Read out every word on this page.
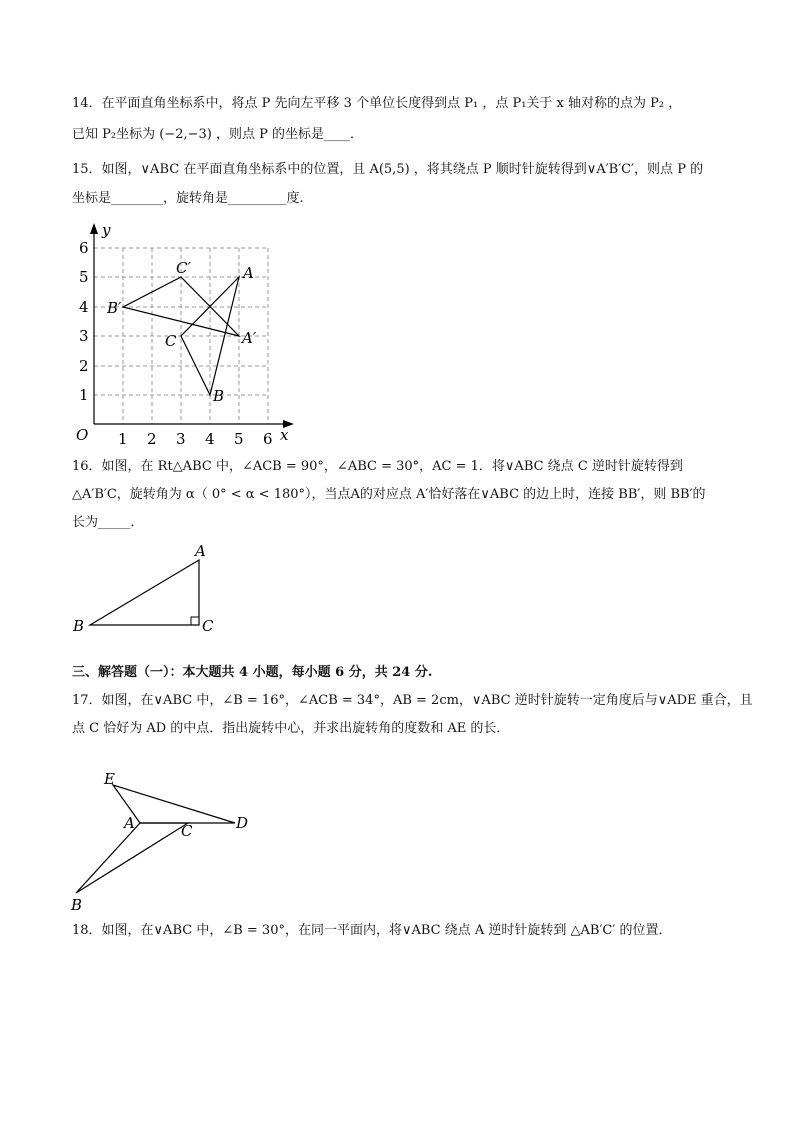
14．在平面直角坐标系中，将点 P 先向左平移 3 个单位长度得到点 P₁ ，点 P₁关于 x 轴对称的点为 P₂ ，
已知 P₂坐标为 (−2,−3) ，则点 P 的坐标是____．
15．如图，∨ABC 在平面直角坐标系中的位置，且 A(5,5) ，将其绕点 P 顺时针旋转得到∨A′B′C′，则点 P 的
坐标是________，旋转角是_________度.
y
x
O 1 2 3 4 5 6
1
2
3
4
5
6
A
B
C	A′
B′
C′
16．如图，在 Rt△ABC 中，∠ACB = 90°，∠ABC = 30°，AC = 1．将∨ABC 绕点 C 逆时针旋转得到
△A′B′C，旋转角为 α（ 0° < α < 180°），当点A的对应点 A′恰好落在∨ABC 的边上时，连接 BB′，则 BB′的
长为_____．
A
B	C
三、解答题（一）：本大题共 4 小题，每小题 6 分，共 24 分.
17．如图，在∨ABC 中，∠B = 16°，∠ACB = 34°，AB = 2cm，∨ABC 逆时针旋转一定角度后与∨ADE 重合，且
点 C 恰好为 AD 的中点．指出旋转中心，并求出旋转角的度数和 AE 的长．
E
A	C	D
B
18．如图，在∨ABC 中，∠B = 30°，在同一平面内，将∨ABC 绕点 A 逆时针旋转到 △AB′C′ 的位置．
